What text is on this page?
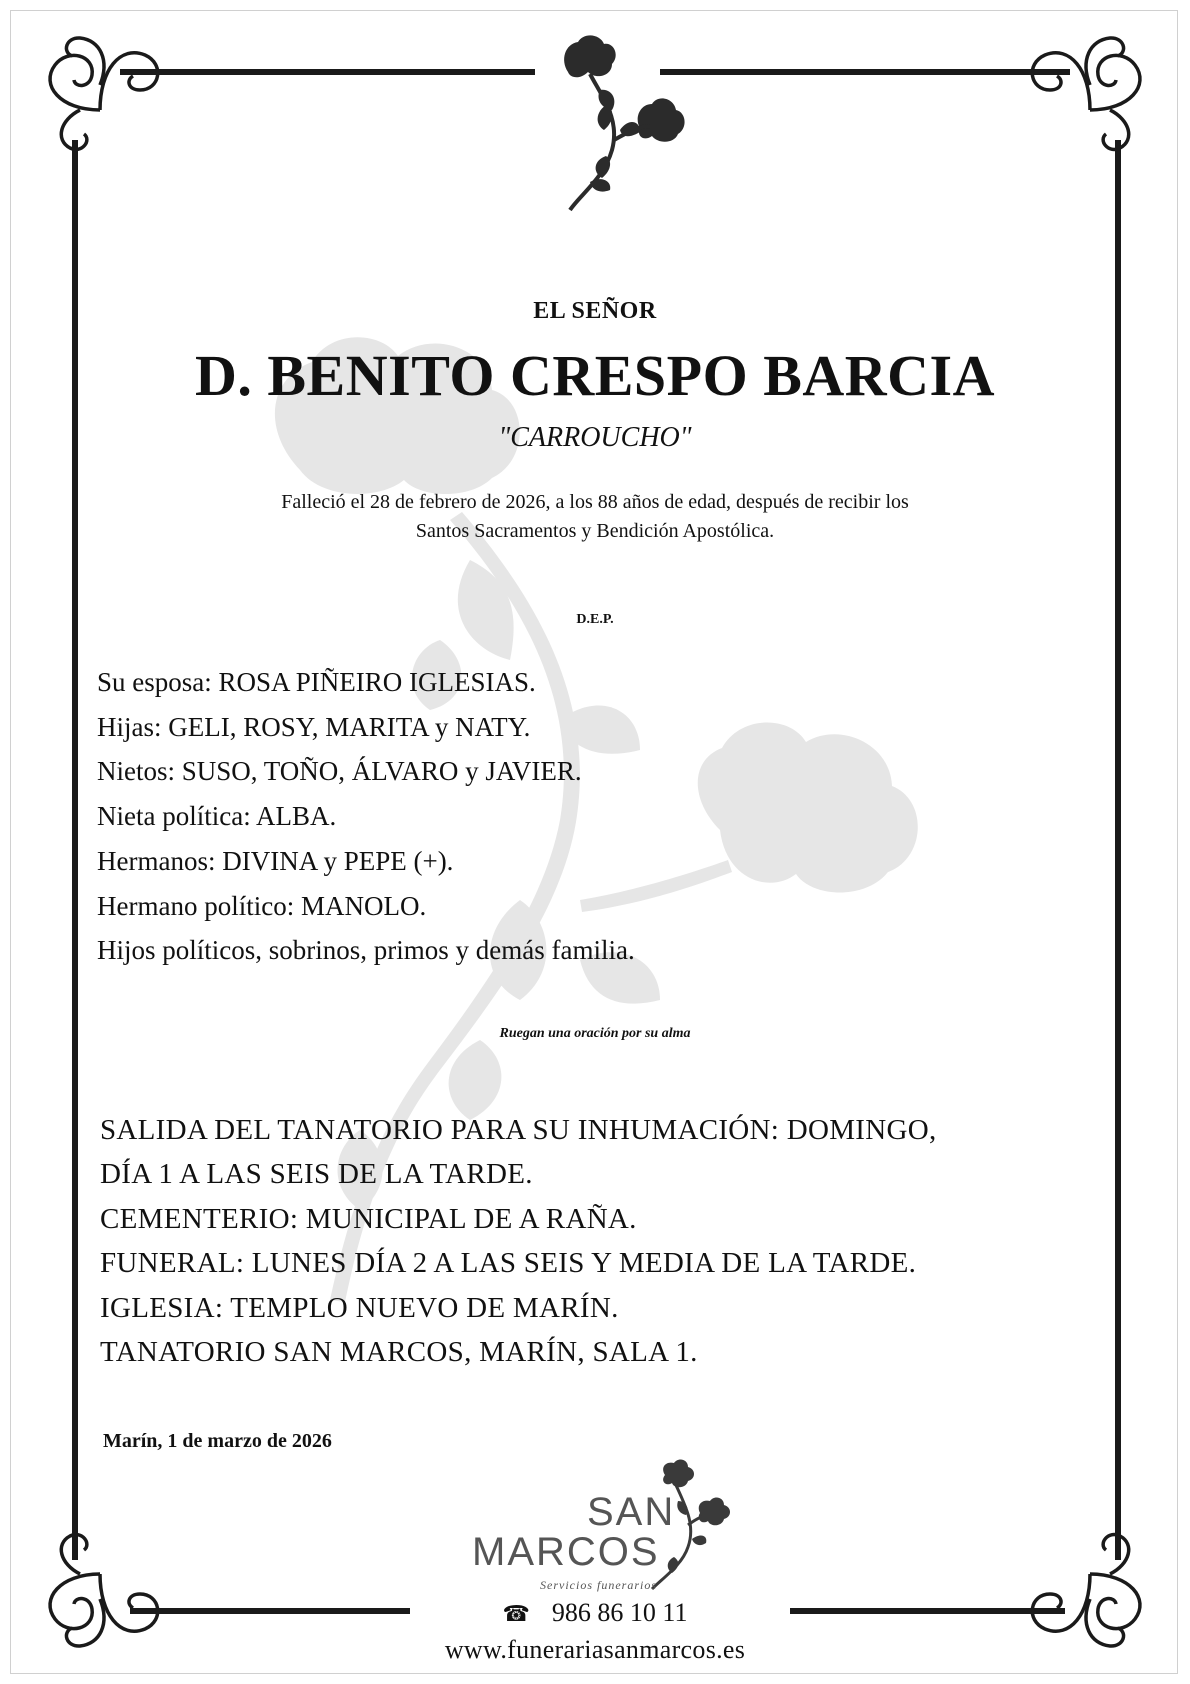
EL SEÑOR
D. BENITO CRESPO BARCIA
"CARROUCHO"
Falleció el 28 de febrero de 2026, a los 88 años de edad, después de recibir los
Santos Sacramentos y Bendición Apostólica.
D.E.P.
Su esposa: ROSA PIÑEIRO IGLESIAS.
Hijas: GELI, ROSY, MARITA y NATY.
Nietos: SUSO, TOÑO, ÁLVARO y JAVIER.
Nieta política: ALBA.
Hermanos: DIVINA y PEPE (+).
Hermano político: MANOLO.
Hijos políticos, sobrinos, primos y demás familia.
Ruegan una oración por su alma
SALIDA DEL TANATORIO PARA SU INHUMACIÓN: DOMINGO,
DÍA 1 A LAS SEIS DE LA TARDE.
CEMENTERIO: MUNICIPAL DE A RAÑA.
FUNERAL: LUNES DÍA 2 A LAS SEIS Y MEDIA DE LA TARDE.
IGLESIA: TEMPLO NUEVO DE MARÍN.
TANATORIO SAN MARCOS, MARÍN, SALA 1.
Marín, 1 de marzo de 2026
SAN
MARCOS
Servicios funerarios
☎ 986 86 10 11
www.funerariasanmarcos.es
